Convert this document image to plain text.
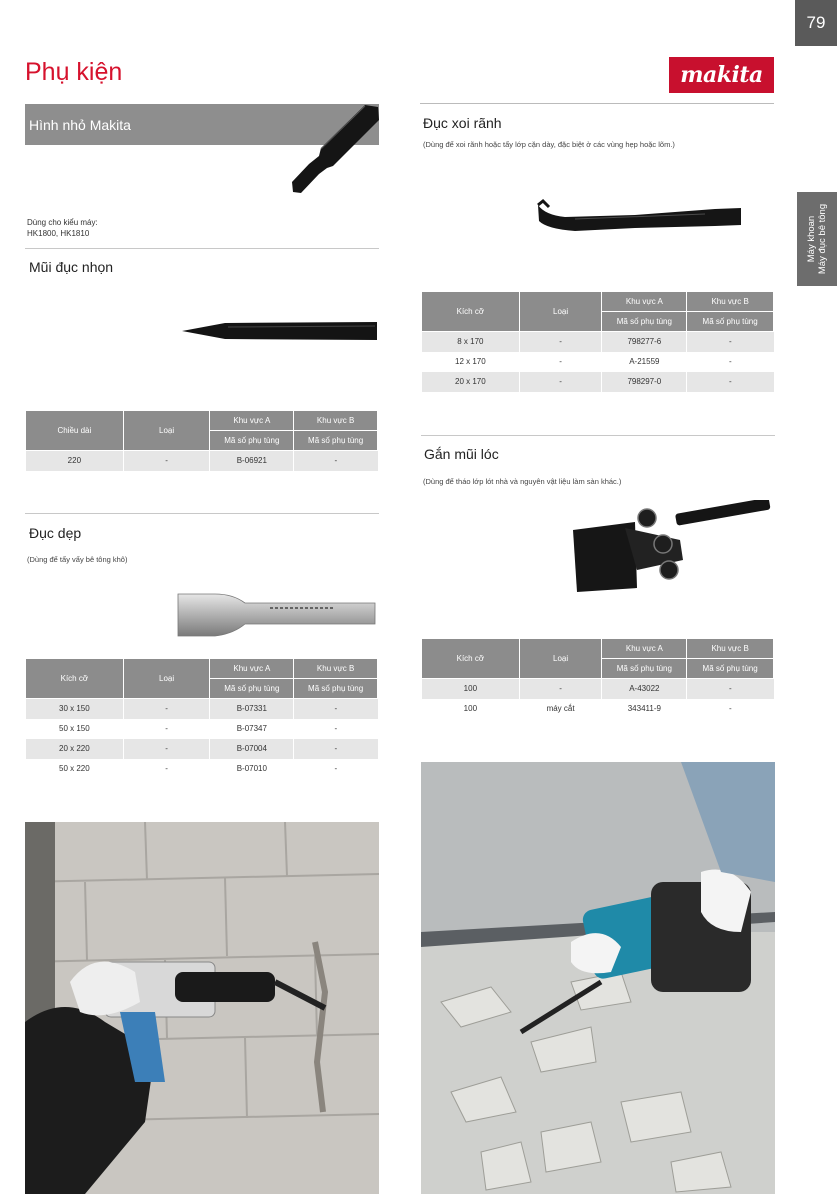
79
Phụ kiện	makita
Máy khoan Máy đục bê tông
Hình nhỏ Makita
Dùng cho kiểu máy:
HK1800, HK1810
Mũi đục nhọn
Chiều dài	Loại	Khu vực A	Khu vực B
		Mã số phụ tùng	Mã số phụ tùng
220	-	B-06921	-
Đục dẹp
(Dùng để tẩy vẩy bê tông khô)
Kích cỡ	Loại	Khu vực A	Khu vực B
		Mã số phụ tùng	Mã số phụ tùng
30 x 150	-	B-07331	-
50 x 150	-	B-07347	-
20 x 220	-	B-07004	-
50 x 220	-	B-07010	-
Đục xoi rãnh
(Dùng để xoi rãnh hoặc tẩy lớp cặn dày, đặc biệt ở các vùng hẹp hoặc lõm.)
Kích cỡ	Loại	Khu vực A	Khu vực B
		Mã số phụ tùng	Mã số phụ tùng
8 x 170	-	798277-6	-
12 x 170	-	A-21559	-
20 x 170	-	798297-0	-
Gắn mũi lóc
(Dùng để tháo lớp lót nhà và nguyên vật liệu làm sàn khác.)
Kích cỡ	Loại	Khu vực A	Khu vực B
		Mã số phụ tùng	Mã số phụ tùng
100	-	A-43022	-
100	máy cắt	343411-9	-
